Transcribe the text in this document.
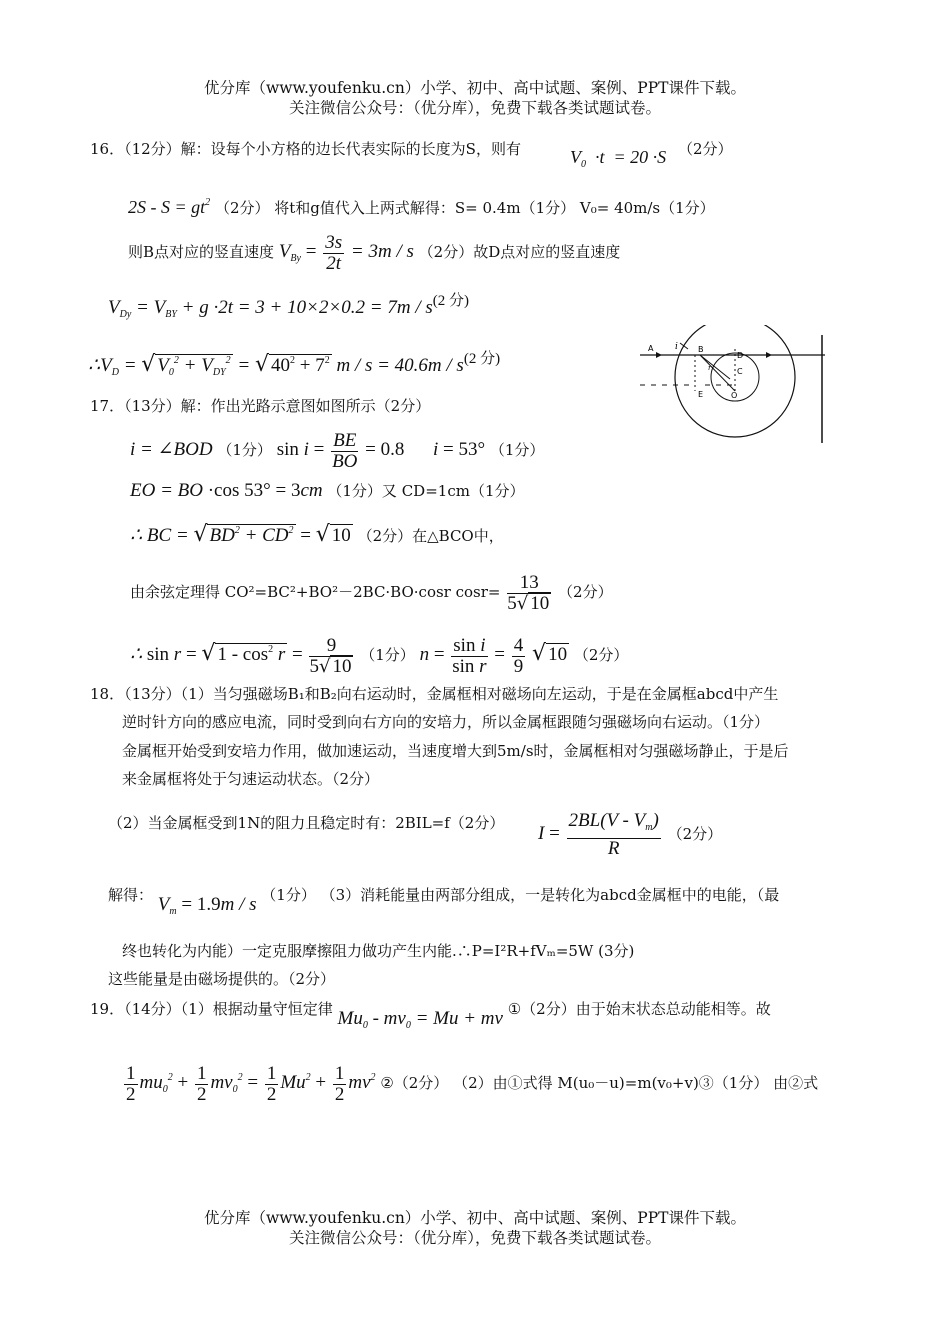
优分库（www.youfenku.cn）小学、初中、高中试题、案例、PPT课件下载。
关注微信公众号：（优分库），免费下载各类试题试卷。
16．（12分）解：设每个小方格的边长代表实际的长度为S，则有	$V_0 \cdot t = 20 \cdot S$ （2分）
$2S - S = gt^2$ （2分） 将t和g值代入上两式解得：S= 0.4m（1分） V₀= 40m/s（1分）
则B点对应的竖直速度 $V_{By} = \frac{3s}{2t} = 3m / s$ （2分）故D点对应的竖直速度
$V_{Dy} = V_{BY} + g \cdot 2t = 3 + 10\times 2\times 0.2 = 7m / s^{(2 分)}$
$\therefore V_D$ = √ $V_0^2 + V_{DY}^2$ = √ $40^2 + 7^2$ $m / s = 40.6m / s^{(2 分)}$
A i	B
D
C
E	O
r
17．（13分）解：作出光路示意图如图所示（2分）
i = ∠BOD （1分） $\sin i = \frac{BE}{BO} = 0.8$ i = 53° （1分）
EO = BO ·cos 53° = 3cm （1分）又 CD=1cm（1分）
∴ BC = √ $BD^2 + CD^2$ = √ 10 （2分）在△BCO中，
由余弦定理得 CO²=BC²+BO²－2BC·BO·cosr $\cos r= \frac{13}{5√ 10} (2$分）
∴ sin r = √ $1 - \cos^2 r = \frac{9}{5√ 10} (1$分） $n = \frac{\text{sin i}}{\text{sin r}} = \frac{4}{9}$ √ 10 （2分）
18．（13分）（1）当匀强磁场B₁和B₂向右运动时，金属框相对磁场向左运动，于是在金属框abcd中产生
逆时针方向的感应电流，同时受到向右方向的安培力，所以金属框跟随匀强磁场向右运动。（1分）
金属框开始受到安培力作用，做加速运动，当速度增大到5m/s时，金属框相对匀强磁场静止，于是后
来金属框将处于匀速运动状态。（2分）
（2）当金属框受到1N的阻力且稳定时有：2BIL=f（2分） $I = \frac{2BL(V - V_m)}{R} (2$分）
解得： $V_m = 1.9m / s$ （1分） （3）消耗能量由两部分组成，一是转化为abcd金属框中的电能，（最
终也转化为内能）一定克服摩擦阻力做功产生内能.∴P=I²R+fVₘ=5W (3分)
这些能量是由磁场提供的。（2分）
19．（14分）（1）根据动量守恒定律 $Mu_0 - mv_0 = Mu$ + mv ①（2分）由于始末状态总动能相等。故
$\frac{1}{2} mu_0^2 + \frac{1}{2} mv_0^2 = \frac{1}{2} Mu^2 + \frac{1}{2} mv^2$ ②（2分） （2）由①式得 M(u₀－u)=m(v₀+v)③（1分） 由②式
优分库（www.youfenku.cn）小学、初中、高中试题、案例、PPT课件下载。
关注微信公众号：（优分库），免费下载各类试题试卷。
